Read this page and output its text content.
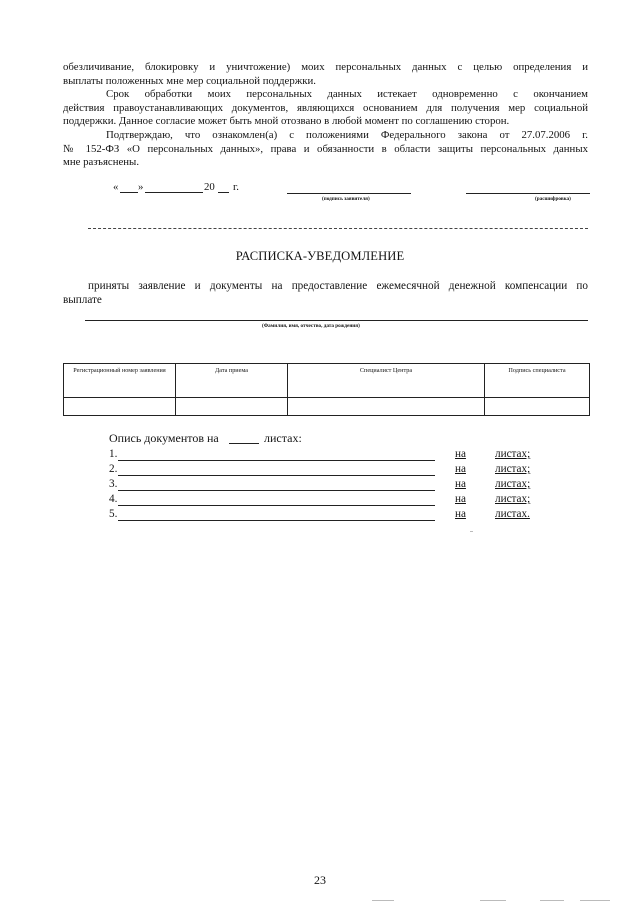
обезличивание, блокировку и уничтожение) моих персональных данных с целью определения и
выплаты положенных мне мер социальной поддержки.
Срок обработки моих персональных данных истекает одновременно с окончанием
действия правоустанавливающих документов, являющихся основанием для получения мер социальной
поддержки. Данное согласие может быть мной отозвано в любой момент по соглашению сторон.
Подтверждаю, что ознакомлен(а) с положениями Федерального закона от 27.07.2006 г.
№ 152-ФЗ «О персональных данных», права и обязанности в области защиты персональных данных
мне разъяснены.
« »	20 г.
(подпись заявителя)	(расшифровка)
РАСПИСКА-УВЕДОМЛЕНИЕ
приняты заявление и документы на предоставление ежемесячной денежной компенсации по
выплате
(Фамилия, имя, отчество, дата рождения)
Регистрационный номер заявления	Дата приема	Специалист Центра	Подпись специалиста

Опись документов на	листах:
1.	на	листах;
2.	на	листах;
3.	на	листах;
4.	на	листах;
5.	на	листах.
23
